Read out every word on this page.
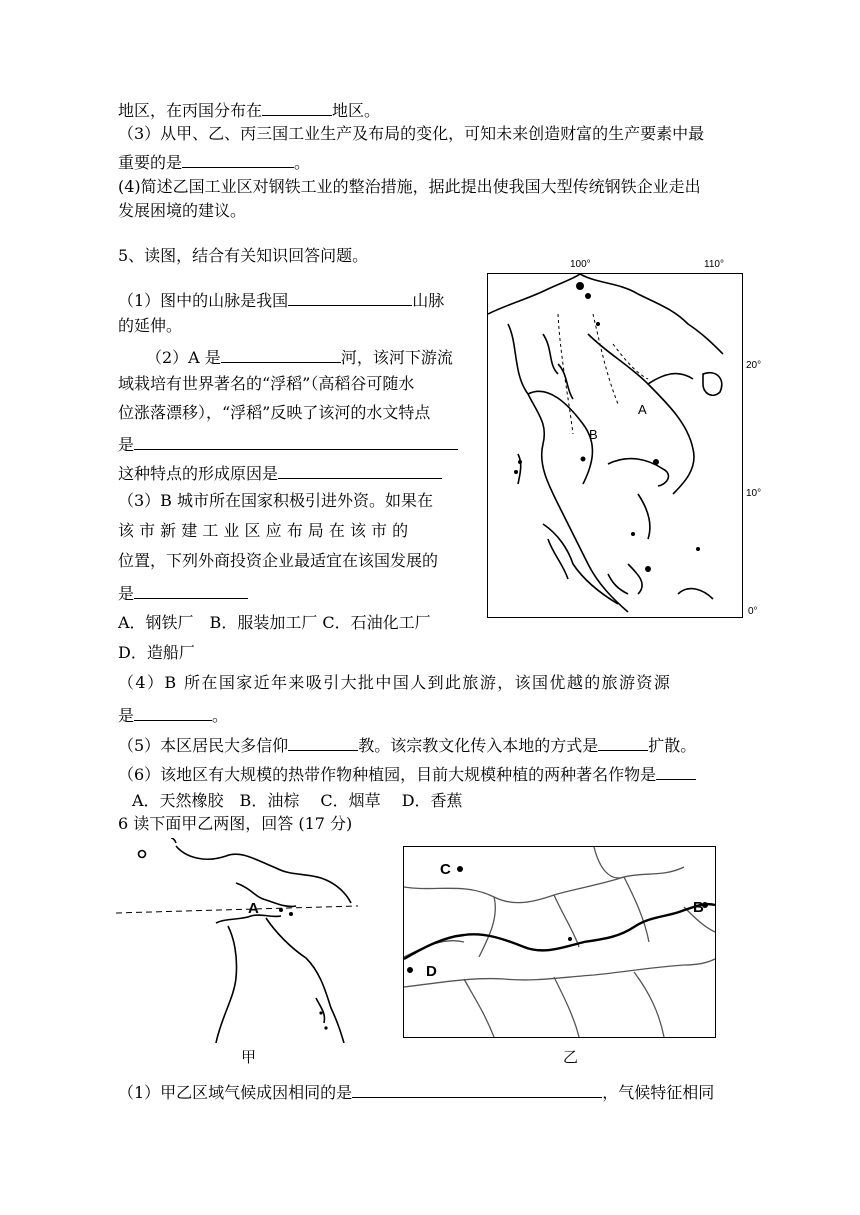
地区，在丙国分布在	地区。
（3）从甲、乙、丙三国工业生产及布局的变化，可知未来创造财富的生产要素中最
重要的是	。
(4)简述乙国工业区对钢铁工业的整治措施，据此提出使我国大型传统钢铁企业走出
发展困境的建议。
5、读图，结合有关知识回答问题。
（1）图中的山脉是我国	山脉
的延伸。
（2）A 是	河，该河下游流
域栽培有世界著名的“浮稻”（高稻谷可随水
位涨落漂移），“浮稻”反映了该河的水文特点
是
这种特点的形成原因是
（3）B 城市所在国家积极引进外资。如果在
该 市 新 建 工 业 区 应 布 局 在 该 市 的
位置，下列外商投资企业最适宜在该国发展的
是
A．钢铁厂　B．服装加工厂 C．石油化工厂
D．造船厂
（4）B 所在国家近年来吸引大批中国人到此旅游，该国优越的旅游资源
是	。
（5）本区居民大多信仰	教。该宗教文化传入本地的方式是	扩散。
（6）该地区有大规模的热带作物种植园，目前大规模种植的两种著名作物是
A．天然橡胶　B．油棕　 C．烟草　 D．香蕉
6 读下面甲乙两图，回答 (17 分)
A
B
100°	110°
20°
10°
0°
A
甲
C
B
D
乙
（1）甲乙区域气候成因相同的是	，气候特征相同
